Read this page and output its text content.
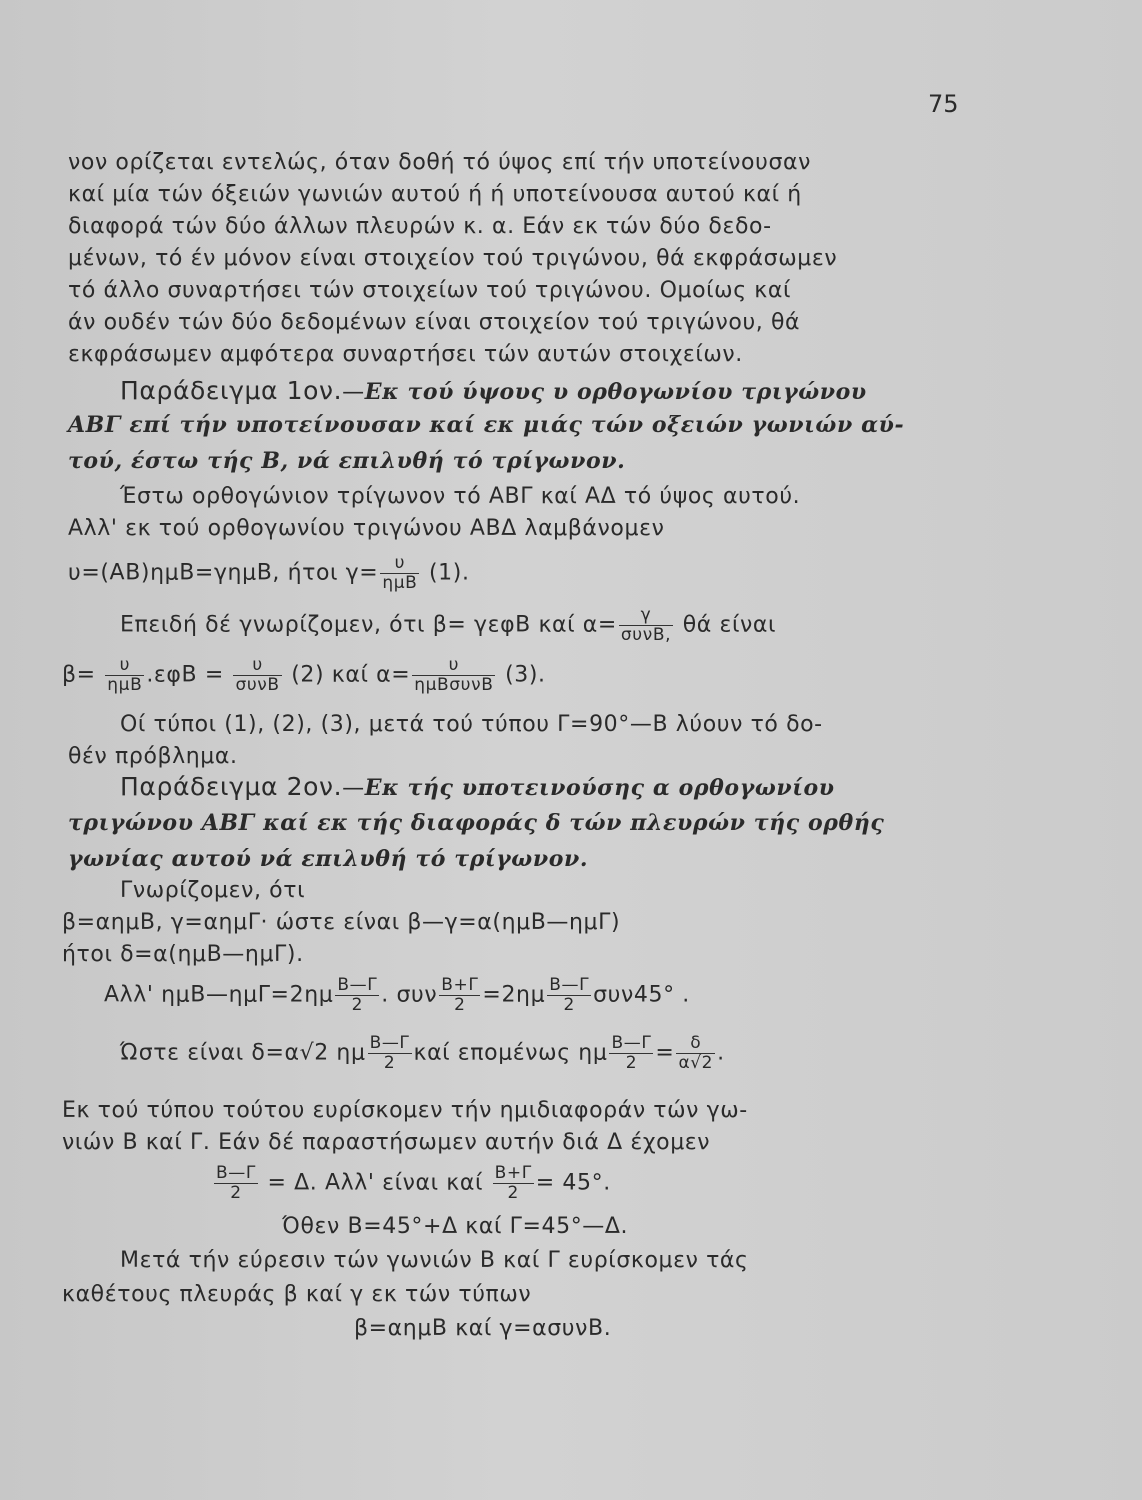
75
νον ορίζεται εντελώς, όταν δοθή τό ύψος επί τήν υποτείνουσαν
καί μία τών όξειών γωνιών αυτού ή ή υποτείνουσα αυτού καί ή
διαφορά τών δύο άλλων πλευρών κ. α. Εάν εκ τών δύο δεδο-
μένων, τό έν μόνον είναι στοιχείον τού τριγώνου, θά εκφράσωμεν
τό άλλο συναρτήσει τών στοιχείων τού τριγώνου. Ομοίως καί
άν ουδέν τών δύο δεδομένων είναι στοιχείον τού τριγώνου, θά
εκφράσωμεν αμφότερα συναρτήσει τών αυτών στοιχείων.
Παράδειγμα 1ον.—Εκ τού ύψους υ ορθογωνίου τριγώνου
ΑΒΓ επί τήν υποτείνουσαν καί εκ μιάς τών οξειών γωνιών αύ-
τού, έστω τής Β, νά επιλυθή τό τρίγωνον.
Έστω ορθογώνιον τρίγωνον τό ΑΒΓ καί ΑΔ τό ύψος αυτού.
Αλλ' εκ τού ορθογωνίου τριγώνου ΑΒΔ λαμβάνομεν
υ=(ΑΒ)ημΒ=γημΒ, ήτοι γ= υ
ημΒ (1).
Επειδή δέ γνωρίζομεν, ότι β= γεφΒ καί α=	γ
συνΒ, θά είναι
β=	υ
ημΒ .εφΒ =	υ
συνΒ (2) καί α=	υ
ημΒσυνΒ (3).
Οί τύποι (1), (2), (3), μετά τού τύπου Γ=90°—Β λύουν τό δο-
θέν πρόβλημα.
Παράδειγμα 2ον.—Εκ τής υποτεινούσης α ορθογωνίου
τριγώνου ΑΒΓ καί εκ τής διαφοράς δ τών πλευρών τής ορθής
γωνίας αυτού νά επιλυθή τό τρίγωνον.
Γνωρίζομεν, ότι
β=αημΒ, γ=αημΓ· ώστε είναι β—γ=α(ημΒ—ημΓ)
ήτοι δ=α(ημΒ—ημΓ).
Αλλ' ημΒ—ημΓ=2ημ $\frac{B—\Gamma}{2}$ . συν $\frac{B+\Gamma}{2} =2\eta\mu \frac{B—\Gamma}{2} \sigma\upsilon\nu 45^\circ$ .
Ώστε είναι δ=α√2 ημ $\frac{B—\Gamma}{2}$ καί επομένως ημ $\frac{B—\Gamma}{2} = \frac{\delta}{\alpha√2}$ .
Εκ τού τύπου τούτου ευρίσκομεν τήν ημιδιαφοράν τών γω-
νιών Β καί Γ. Εάν δέ παραστήσωμεν αυτήν διά Δ έχομεν
$\frac{B—\Gamma}{2} = \Delta$. Αλλ' είναι καί $\frac{B+\Gamma}{2} = 45^\circ$.
Όθεν Β=45°+Δ καί Γ=45°—Δ.
Μετά τήν εύρεσιν τών γωνιών Β καί Γ ευρίσκομεν τάς
καθέτους πλευράς β καί γ εκ τών τύπων
β=αημΒ καί γ=ασυνΒ.
